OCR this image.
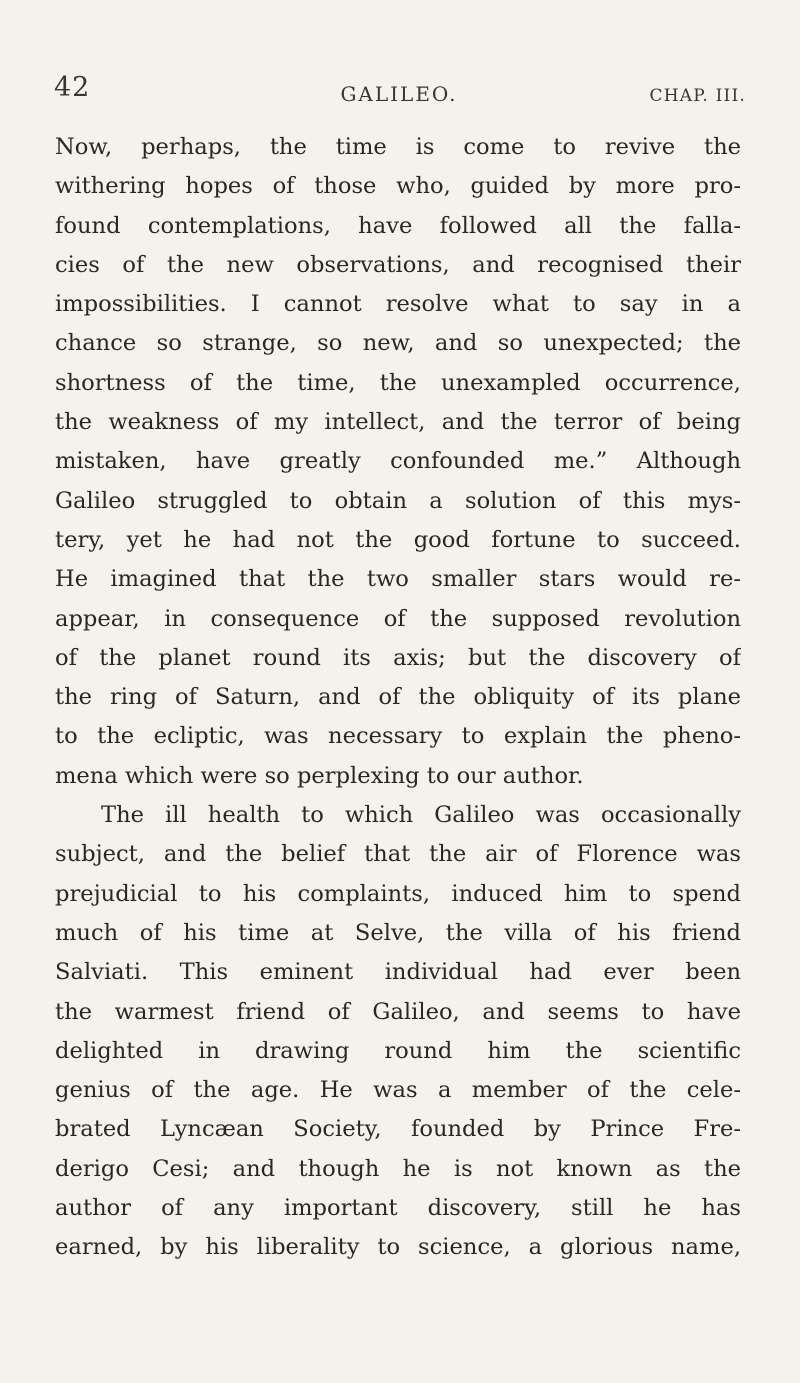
42	GALILEO.	CHAP. III.
Now, perhaps, the time is come to revive the
withering hopes of those who, guided by more pro-
found contemplations, have followed all the falla-
cies of the new observations, and recognised their
impossibilities. I cannot resolve what to say in a
chance so strange, so new, and so unexpected; the
shortness of the time, the unexampled occurrence,
the weakness of my intellect, and the terror of being
mistaken, have greatly confounded me.” Although
Galileo struggled to obtain a solution of this mys-
tery, yet he had not the good fortune to succeed.
He imagined that the two smaller stars would re-
appear, in consequence of the supposed revolution
of the planet round its axis; but the discovery of
the ring of Saturn, and of the obliquity of its plane
to the ecliptic, was necessary to explain the pheno-
mena which were so perplexing to our author.
The ill health to which Galileo was occasionally
subject, and the belief that the air of Florence was
prejudicial to his complaints, induced him to spend
much of his time at Selve, the villa of his friend
Salviati. This eminent individual had ever been
the warmest friend of Galileo, and seems to have
delighted in drawing round him the scientific
genius of the age. He was a member of the cele-
brated Lyncæan Society, founded by Prince Fre-
derigo Cesi; and though he is not known as the
author of any important discovery, still he has
earned, by his liberality to science, a glorious name,
